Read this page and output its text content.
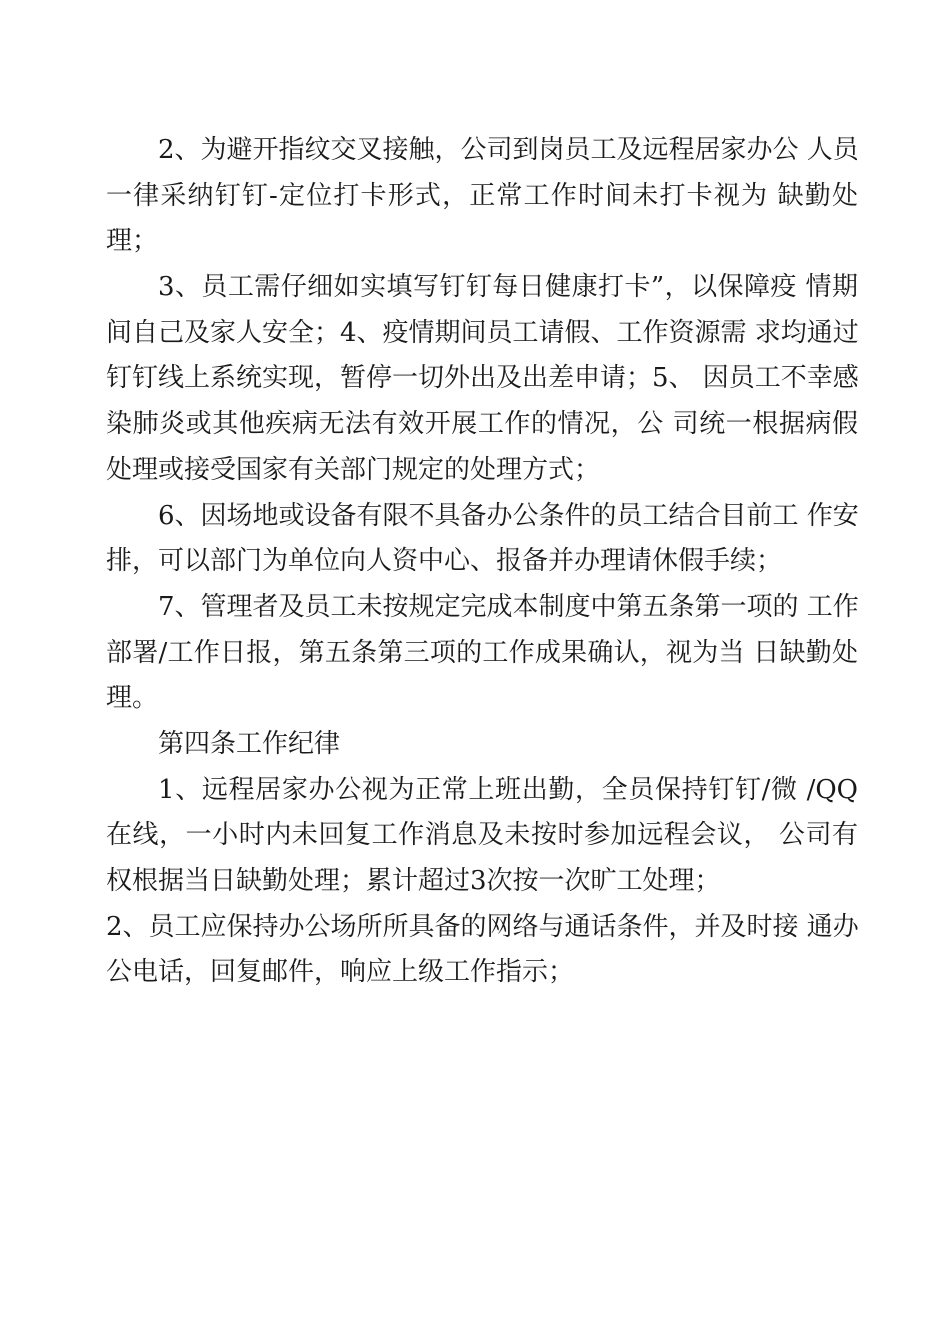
2、为避开指纹交叉接触，公司到岗员工及远程居家办公 人员
一律采纳钉钉-定位打卡形式，正常工作时间未打卡视为 缺勤处
理；
3、员工需仔细如实填写钉钉每日健康打卡”，以保障疫 情期
间自己及家人安全；4、疫情期间员工请假、工作资源需 求均通过
钉钉线上系统实现，暂停一切外出及出差申请；5、 因员工不幸感
染肺炎或其他疾病无法有效开展工作的情况，公 司统一根据病假
处理或接受国家有关部门规定的处理方式；
6、因场地或设备有限不具备办公条件的员工结合目前工 作安
排，可以部门为单位向人资中心、报备并办理请休假手续；
7、管理者及员工未按规定完成本制度中第五条第一项的 工作
部署/工作日报，第五条第三项的工作成果确认，视为当 日缺勤处
理。
第四条工作纪律
1、远程居家办公视为正常上班出勤，全员保持钉钉/微 /QQ
在线，一小时内未回复工作消息及未按时参加远程会议， 公司有
权根据当日缺勤处理；累计超过3次按一次旷工处理；
2、员工应保持办公场所所具备的网络与通话条件，并及时接 通办
公电话，回复邮件，响应上级工作指示；
